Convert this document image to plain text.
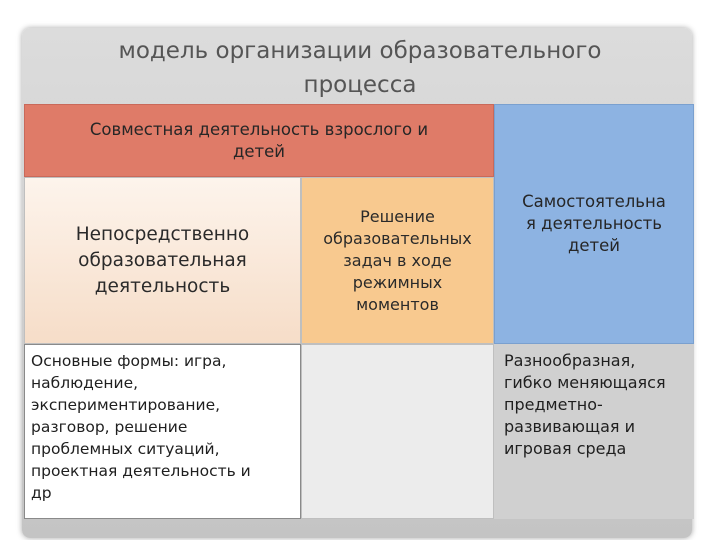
модель организации образовательного
процесса
Совместная деятельность взрослого и
детей
Непосредственно
образовательная
деятельность
Решение
образовательных
задач в ходе
режимных
моментов
Самостоятельна
я деятельность
детей
Основные формы: игра,
наблюдение,
экспериментирование,
разговор, решение
проблемных ситуаций,
проектная деятельность и
др
Разнообразная,
гибко меняющаяся
предметно-
развивающая и
игровая среда
